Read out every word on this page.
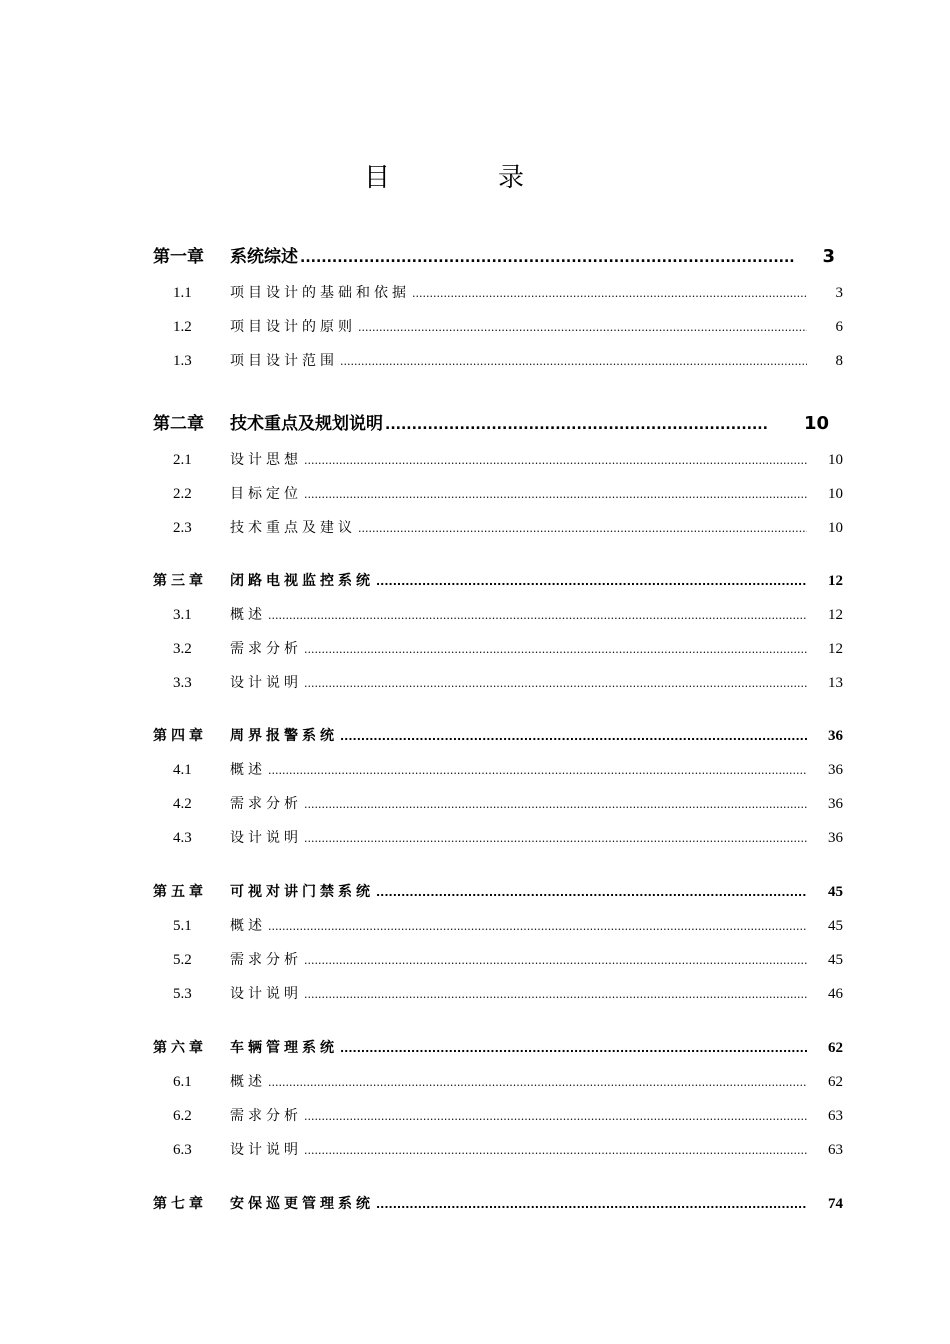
目	录
第一章	系统综述 .....	3
1.1	项目设计的基础和依据 .....	3
1.2	项目设计的原则 .....	6
1.3	项目设计范围 .....	8
第二章	技术重点及规划说明 .....	10
2.1	设计思想 .....	10
2.2	目标定位 .....	10
2.3	技术重点及建议 .....	10
第三章	闭路电视监控系统 .....	12
3.1	概述 .....	12
3.2	需求分析 .....	12
3.3	设计说明 .....	13
第四章	周界报警系统 .....	36
4.1	概述 .....	36
4.2	需求分析 .....	36
4.3	设计说明 .....	36
第五章	可视对讲门禁系统 .....	45
5.1	概述 .....	45
5.2	需求分析 .....	45
5.3	设计说明 .....	46
第六章	车辆管理系统 .....	62
6.1	概述 .....	62
6.2	需求分析 .....	63
6.3	设计说明 .....	63
第七章	安保巡更管理系统 .....	74
